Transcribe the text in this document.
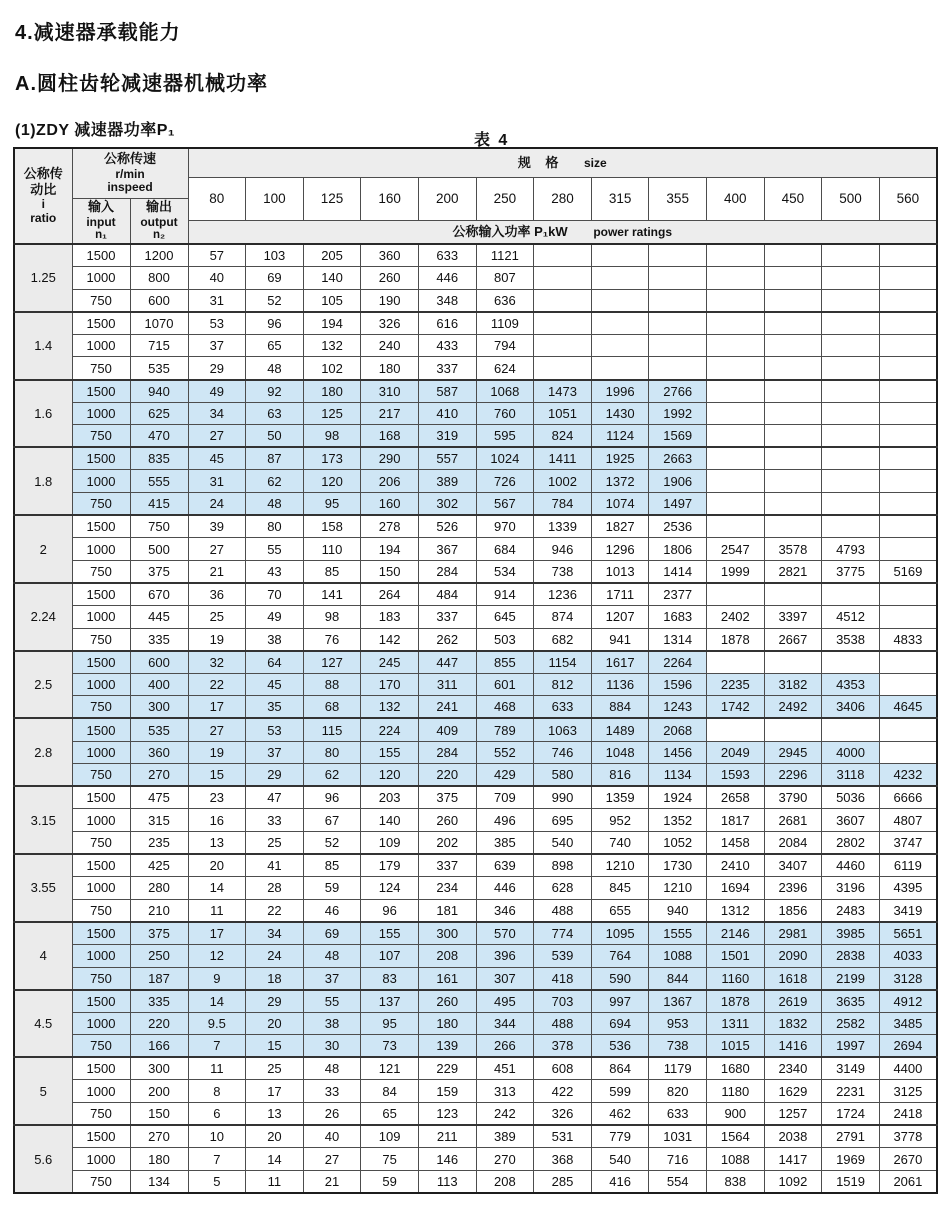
4.减速器承载能力
A.圆柱齿轮减速器机械功率
(1)ZDY 减速器功率P₁
表 4
公称传
动比
i
ratio

公称传速
r/min
inspeed
	规    格 size
			80	100	125	160	200	250	280	315	355	400	450	500	560

输入
input
n₁

输出
output
n₂

			公称输入功率 P₁kW power ratings												
1.25	1500	1200	57	103	205	360	633	1121							
	1000	800	40	69	140	260	446	807							
	750	600	31	52	105	190	348	636							
1.4	1500	1070	53	96	194	326	616	1109							
	1000	715	37	65	132	240	433	794							
	750	535	29	48	102	180	337	624							
1.6	1500	940	49	92	180	310	587	1068	1473	1996	2766				
	1000	625	34	63	125	217	410	760	1051	1430	1992				
	750	470	27	50	98	168	319	595	824	1124	1569				
1.8	1500	835	45	87	173	290	557	1024	1411	1925	2663				
	1000	555	31	62	120	206	389	726	1002	1372	1906				
	750	415	24	48	95	160	302	567	784	1074	1497				
2	1500	750	39	80	158	278	526	970	1339	1827	2536				
	1000	500	27	55	110	194	367	684	946	1296	1806	2547	3578	4793	
	750	375	21	43	85	150	284	534	738	1013	1414	1999	2821	3775	5169
2.24	1500	670	36	70	141	264	484	914	1236	1711	2377				
	1000	445	25	49	98	183	337	645	874	1207	1683	2402	3397	4512	
	750	335	19	38	76	142	262	503	682	941	1314	1878	2667	3538	4833
2.5	1500	600	32	64	127	245	447	855	1154	1617	2264				
	1000	400	22	45	88	170	311	601	812	1136	1596	2235	3182	4353	
	750	300	17	35	68	132	241	468	633	884	1243	1742	2492	3406	4645
2.8	1500	535	27	53	115	224	409	789	1063	1489	2068				
	1000	360	19	37	80	155	284	552	746	1048	1456	2049	2945	4000	
	750	270	15	29	62	120	220	429	580	816	1134	1593	2296	3118	4232
3.15	1500	475	23	47	96	203	375	709	990	1359	1924	2658	3790	5036	6666
	1000	315	16	33	67	140	260	496	695	952	1352	1817	2681	3607	4807
	750	235	13	25	52	109	202	385	540	740	1052	1458	2084	2802	3747
3.55	1500	425	20	41	85	179	337	639	898	1210	1730	2410	3407	4460	6119
	1000	280	14	28	59	124	234	446	628	845	1210	1694	2396	3196	4395
	750	210	11	22	46	96	181	346	488	655	940	1312	1856	2483	3419
4	1500	375	17	34	69	155	300	570	774	1095	1555	2146	2981	3985	5651
	1000	250	12	24	48	107	208	396	539	764	1088	1501	2090	2838	4033
	750	187	9	18	37	83	161	307	418	590	844	1160	1618	2199	3128
4.5	1500	335	14	29	55	137	260	495	703	997	1367	1878	2619	3635	4912
	1000	220	9.5	20	38	95	180	344	488	694	953	1311	1832	2582	3485
	750	166	7	15	30	73	139	266	378	536	738	1015	1416	1997	2694
5	1500	300	11	25	48	121	229	451	608	864	1179	1680	2340	3149	4400
	1000	200	8	17	33	84	159	313	422	599	820	1180	1629	2231	3125
	750	150	6	13	26	65	123	242	326	462	633	900	1257	1724	2418
5.6	1500	270	10	20	40	109	211	389	531	779	1031	1564	2038	2791	3778
	1000	180	7	14	27	75	146	270	368	540	716	1088	1417	1969	2670
	750	134	5	11	21	59	113	208	285	416	554	838	1092	1519	2061
